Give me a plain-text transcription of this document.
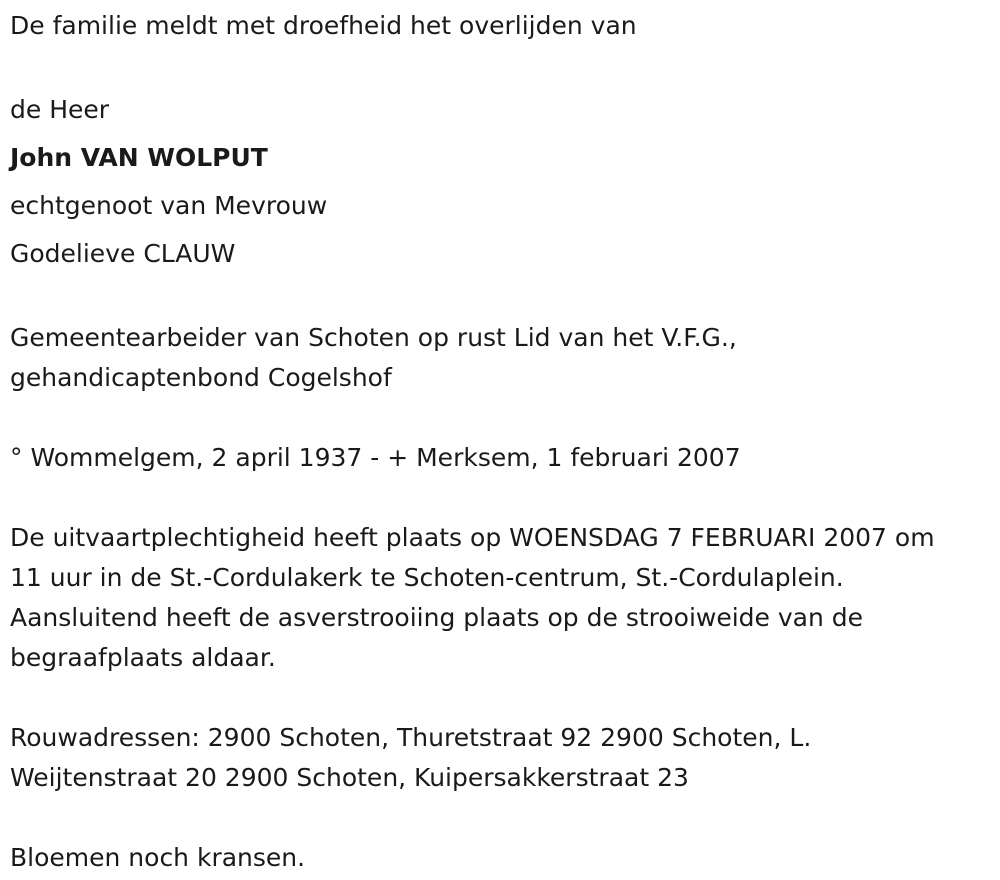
De familie meldt met droefheid het overlijden van
de Heer
John VAN WOLPUT
echtgenoot van Mevrouw
Godelieve CLAUW
Gemeentearbeider van Schoten op rust Lid van het V.F.G.,
gehandicaptenbond Cogelshof
° Wommelgem, 2 april 1937 - + Merksem, 1 februari 2007
De uitvaartplechtigheid heeft plaats op WOENSDAG 7 FEBRUARI 2007 om
11 uur in de St.-Cordulakerk te Schoten-centrum, St.-Cordulaplein.
Aansluitend heeft de asverstrooiing plaats op de strooiweide van de
begraafplaats aldaar.
Rouwadressen: 2900 Schoten, Thuretstraat 92 2900 Schoten, L.
Weijtenstraat 20 2900 Schoten, Kuipersakkerstraat 23
Bloemen noch kransen.
